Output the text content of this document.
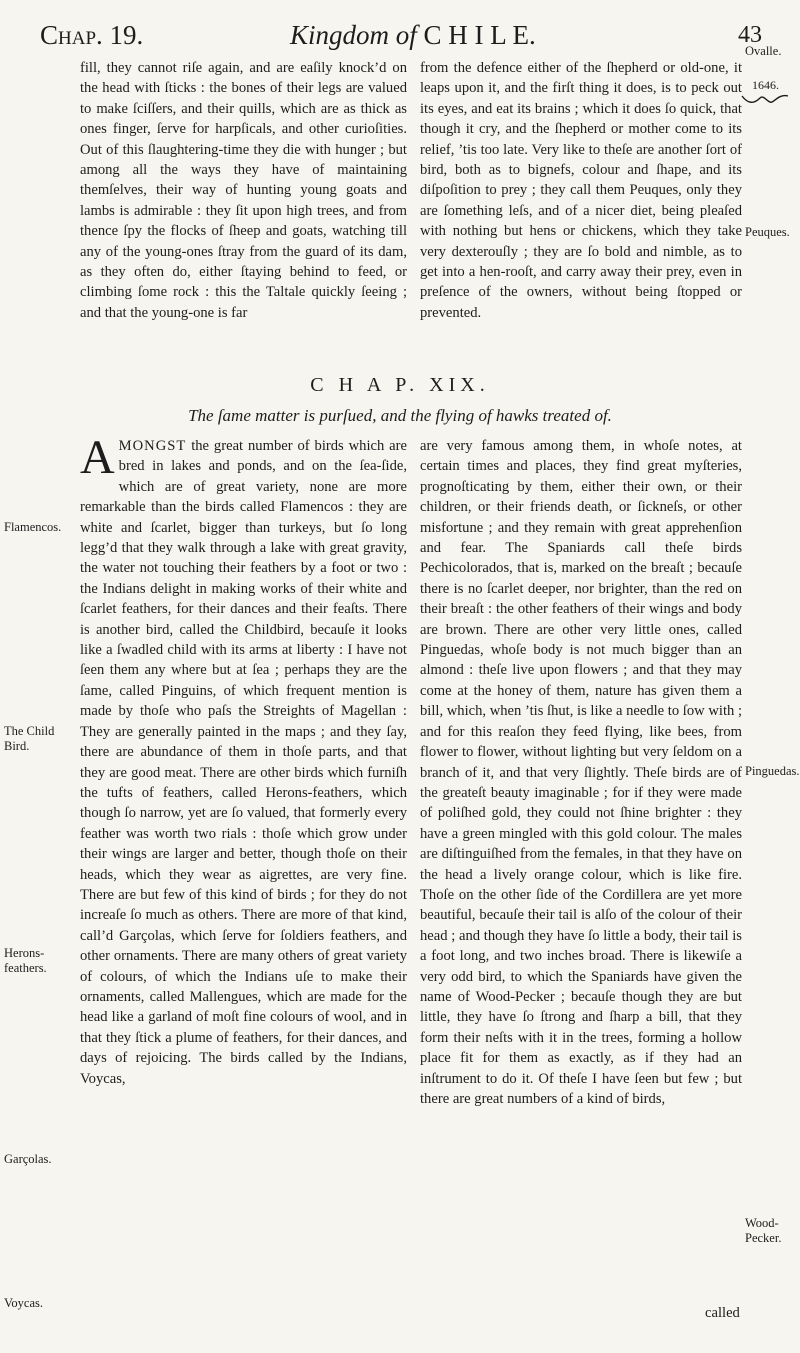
Chap. 19.	Kingdom of C H I L E.	43
Ovalle.
1646.

fill, they cannot riſe again, and are eaſily knock’d on the head with ſticks : the bones of their legs are valued to make ſciſſers, and their quills, which are as thick as ones finger, ſerve for harpſicals, and other curioſities. Out of this ſlaughtering-time they die with hunger ; but among all the ways they have of maintaining themſelves, their way of hunting young goats and lambs is admirable : they ſit upon high trees, and from thence ſpy the flocks of ſheep and goats, watching till any of the young-ones ſtray from the guard of its dam, as they often do, either ſtaying behind to feed, or climbing ſome rock : this the Taltale quickly ſeeing ; and that the young-one is far

from the defence either of the ſhepherd or old-one, it leaps upon it, and the firſt thing it does, is to peck out its eyes, and eat its brains ; which it does ſo quick, that though it cry, and the ſhepherd or mother come to its relief, ’tis too late. Very like to theſe are another ſort of bird, both as to bignefs, colour and ſhape, and its diſpoſition to prey ; they call them Peuques, only they are ſomething leſs, and of a nicer diet, being pleaſed with nothing but hens or chickens, which they take very dexterouſly ; they are ſo bold and nimble, as to get into a hen-rooſt, and carry away their prey, even in preſence of the owners, without being ſtopped or prevented.

Peuques.
C H A P. XIX.
The ſame matter is purſued, and the flying of hawks treated of.

AMONGST the great number of birds which are bred in lakes and ponds, and on the ſea-ſide, which are of great variety, none are more remarkable than the birds called Flamencos : they are white and ſcarlet, bigger than turkeys, but ſo long legg’d that they walk through a lake with great gravity, the water not touching their feathers by a foot or two : the Indians delight in making works of their white and ſcarlet feathers, for their dances and their feaſts. There is another bird, called the Childbird, becauſe it looks like a ſwadled child with its arms at liberty : I have not ſeen them any where but at ſea ; perhaps they are the ſame, called Pinguins, of which frequent mention is made by thoſe who paſs the Streights of Magellan : They are generally painted in the maps ; and they ſay, there are abundance of them in thoſe parts, and that they are good meat. There are other birds which furniſh the tufts of feathers, called Herons-feathers, which though ſo narrow, yet are ſo valued, that formerly every feather was worth two rials : thoſe which grow under their wings are larger and better, though thoſe on their heads, which they wear as aigrettes, are very fine. There are but few of this kind of birds ; for they do not increaſe ſo much as others. There are more of that kind, call’d Garçolas, which ſerve for ſoldiers feathers, and other ornaments. There are many others of great variety of colours, of which the Indians uſe to make their ornaments, called Mallengues, which are made for the head like a garland of moſt fine colours of wool, and in that they ſtick a plume of feathers, for their dances, and days of rejoicing. The birds called by the Indians, Voycas,

are very famous among them, in whoſe notes, at certain times and places, they find great myſteries, prognoſticating by them, either their own, or their children, or their friends death, or ſickneſs, or other misfortune ; and they remain with great apprehenſion and fear. The Spaniards call theſe birds Pechicolorados, that is, marked on the breaſt ; becauſe there is no ſcarlet deeper, nor brighter, than the red on their breaſt : the other feathers of their wings and body are brown. There are other very little ones, called Pinguedas, whoſe body is not much bigger than an almond : theſe live upon flowers ; and that they may come at the honey of them, nature has given them a bill, which, when ’tis ſhut, is like a needle to ſow with ; and for this reaſon they feed flying, like bees, from flower to flower, without lighting but very ſeldom on a branch of it, and that very ſlightly. Theſe birds are of the greateſt beauty imaginable ; for if they were made of poliſhed gold, they could not ſhine brighter : they have a green mingled with this gold colour. The males are diſtinguiſhed from the females, in that they have on the head a lively orange colour, which is like fire. Thoſe on the other ſide of the Cordillera are yet more beautiful, becauſe their tail is alſo of the colour of their head ; and though they have ſo little a body, their tail is a foot long, and two inches broad. There is likewiſe a very odd bird, to which the Spaniards have given the name of Wood-Pecker ; becauſe though they are but little, they have ſo ſtrong and ſharp a bill, that they form their neſts with it in the trees, forming a hollow place fit for them as exactly, as if they had an inſtrument to do it. Of theſe I have ſeen but few ; but there are great numbers of a kind of birds,

Flamencos.
The Child Bird.
Herons-feathers.
Garçolas.
Voycas.
Pinguedas.
Wood-Pecker.
called
